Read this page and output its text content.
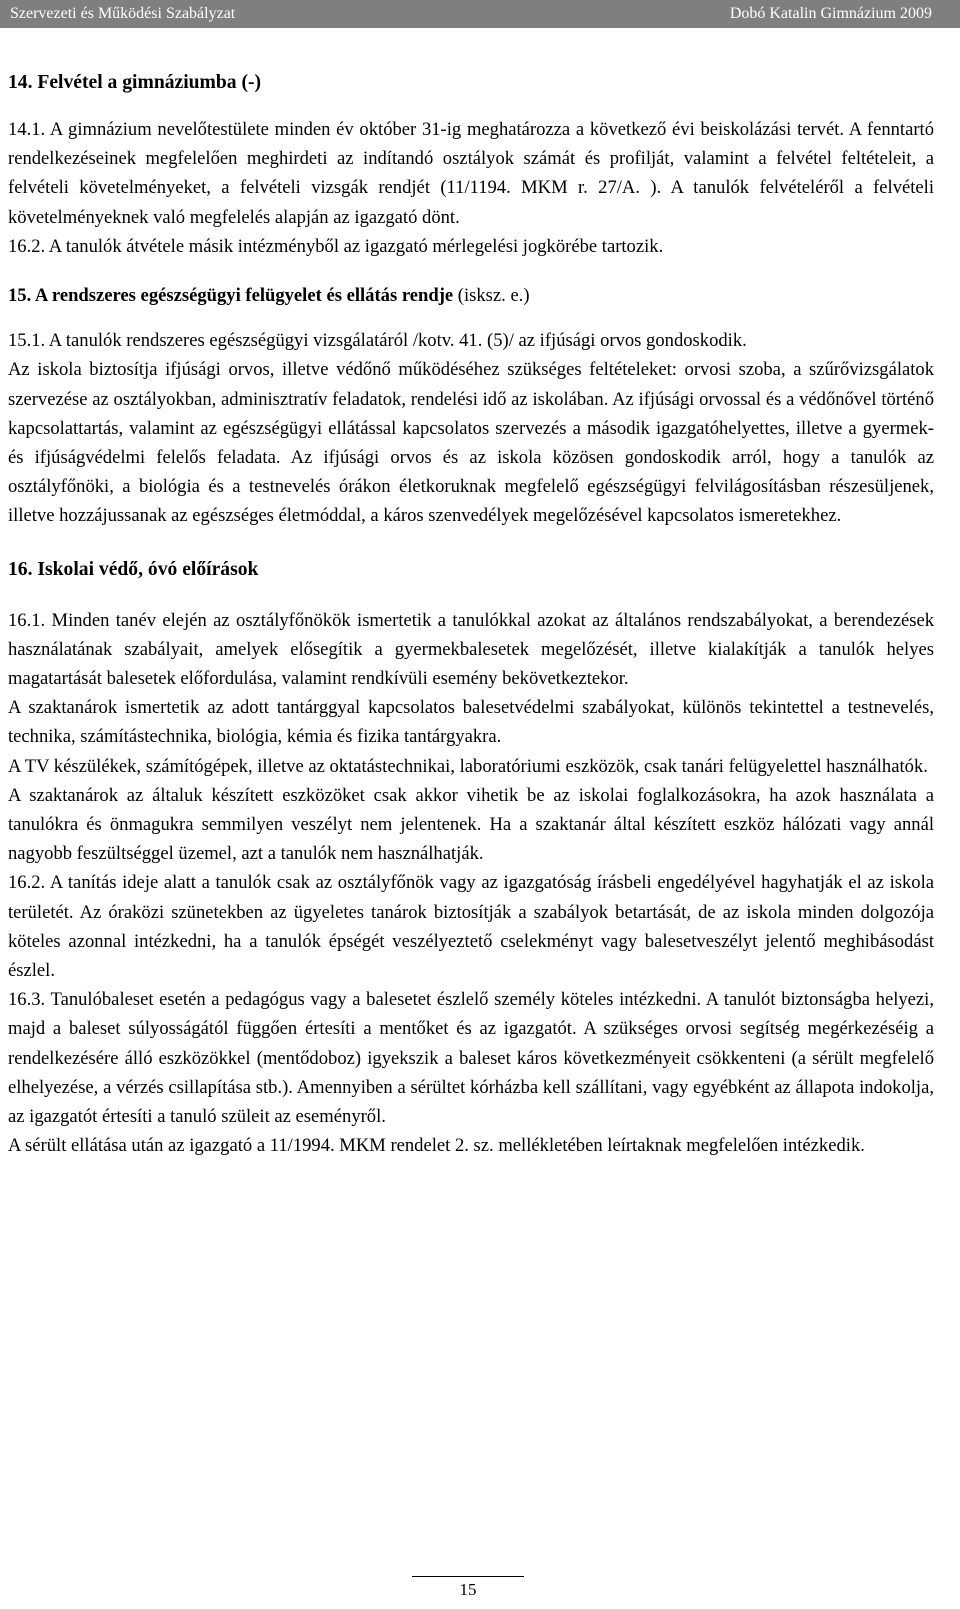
Szervezeti és Működési Szabályzat	Dobó Katalin Gimnázium 2009

14. Felvétel a gimnáziumba (-)

14.1. A gimnázium nevelőtestülete minden év október 31-ig meghatározza a következő évi beiskolázási tervét. A fenntartó rendelkezéseinek megfelelően meghirdeti az indítandó osztályok számát és profilját, valamint a felvétel feltételeit, a felvételi követelményeket, a felvételi vizsgák rendjét (11/1194. MKM r. 27/A. ). A tanulók felvételéről a felvételi követelményeknek való megfelelés alapján az igazgató dönt.

16.2. A tanulók átvétele másik intézményből az igazgató mérlegelési jogkörébe tartozik.

15. A rendszeres egészségügyi felügyelet és ellátás rendje (isksz. e.)

15.1. A tanulók rendszeres egészségügyi vizsgálatáról /kotv. 41. (5)/ az ifjúsági orvos gondoskodik.

Az iskola biztosítja ifjúsági orvos, illetve védőnő működéséhez szükséges feltételeket: orvosi szoba, a szűrővizsgálatok szervezése az osztályokban, adminisztratív feladatok, rendelési idő az iskolában. Az ifjúsági orvossal és a védőnővel történő kapcsolattartás, valamint az egészségügyi ellátással kapcsolatos szervezés a második igazgatóhelyettes, illetve a gyermek- és ifjúságvédelmi felelős feladata. Az ifjúsági orvos és az iskola közösen gondoskodik arról, hogy a tanulók az osztályfőnöki, a biológia és a testnevelés órákon életkoruknak megfelelő egészségügyi felvilágosításban részesüljenek, illetve hozzájussanak az egészséges életmóddal, a káros szenvedélyek megelőzésével kapcsolatos ismeretekhez.

16. Iskolai védő, óvó előírások

16.1. Minden tanév elején az osztályfőnökök ismertetik a tanulókkal azokat az általános rendszabályokat, a berendezések használatának szabályait, amelyek elősegítik a gyermekbalesetek megelőzését, illetve kialakítják a tanulók helyes magatartását balesetek előfordulása, valamint rendkívüli esemény bekövetkeztekor.

A szaktanárok ismertetik az adott tantárggyal kapcsolatos balesetvédelmi szabályokat, különös tekintettel a testnevelés, technika, számítástechnika, biológia, kémia és fizika tantárgyakra.

A TV készülékek, számítógépek, illetve az oktatástechnikai, laboratóriumi eszközök, csak tanári felügyelettel használhatók.

A szaktanárok az általuk készített eszközöket csak akkor vihetik be az iskolai foglalkozásokra, ha azok használata a tanulókra és önmagukra semmilyen veszélyt nem jelentenek. Ha a szaktanár által készített eszköz hálózati vagy annál nagyobb feszültséggel üzemel, azt a tanulók nem használhatják.

16.2. A tanítás ideje alatt a tanulók csak az osztályfőnök vagy az igazgatóság írásbeli engedélyével hagyhatják el az iskola területét. Az óraközi szünetekben az ügyeletes tanárok biztosítják a szabályok betartását, de az iskola minden dolgozója köteles azonnal intézkedni, ha a tanulók épségét veszélyeztető cselekményt vagy balesetveszélyt jelentő meghibásodást észlel.

16.3. Tanulóbaleset esetén a pedagógus vagy a balesetet észlelő személy köteles intézkedni. A tanulót biztonságba helyezi, majd a baleset súlyosságától függően értesíti a mentőket és az igazgatót. A szükséges orvosi segítség megérkezéséig a rendelkezésére álló eszközökkel (mentődoboz) igyekszik a baleset káros következményeit csökkenteni (a sérült megfelelő elhelyezése, a vérzés csillapítása stb.). Amennyiben a sérültet kórházba kell szállítani, vagy egyébként az állapota indokolja, az igazgatót értesíti a tanuló szüleit az eseményről.

A sérült ellátása után az igazgató a 11/1994. MKM rendelet 2. sz. mellékletében leírtaknak megfelelően intézkedik.

15
